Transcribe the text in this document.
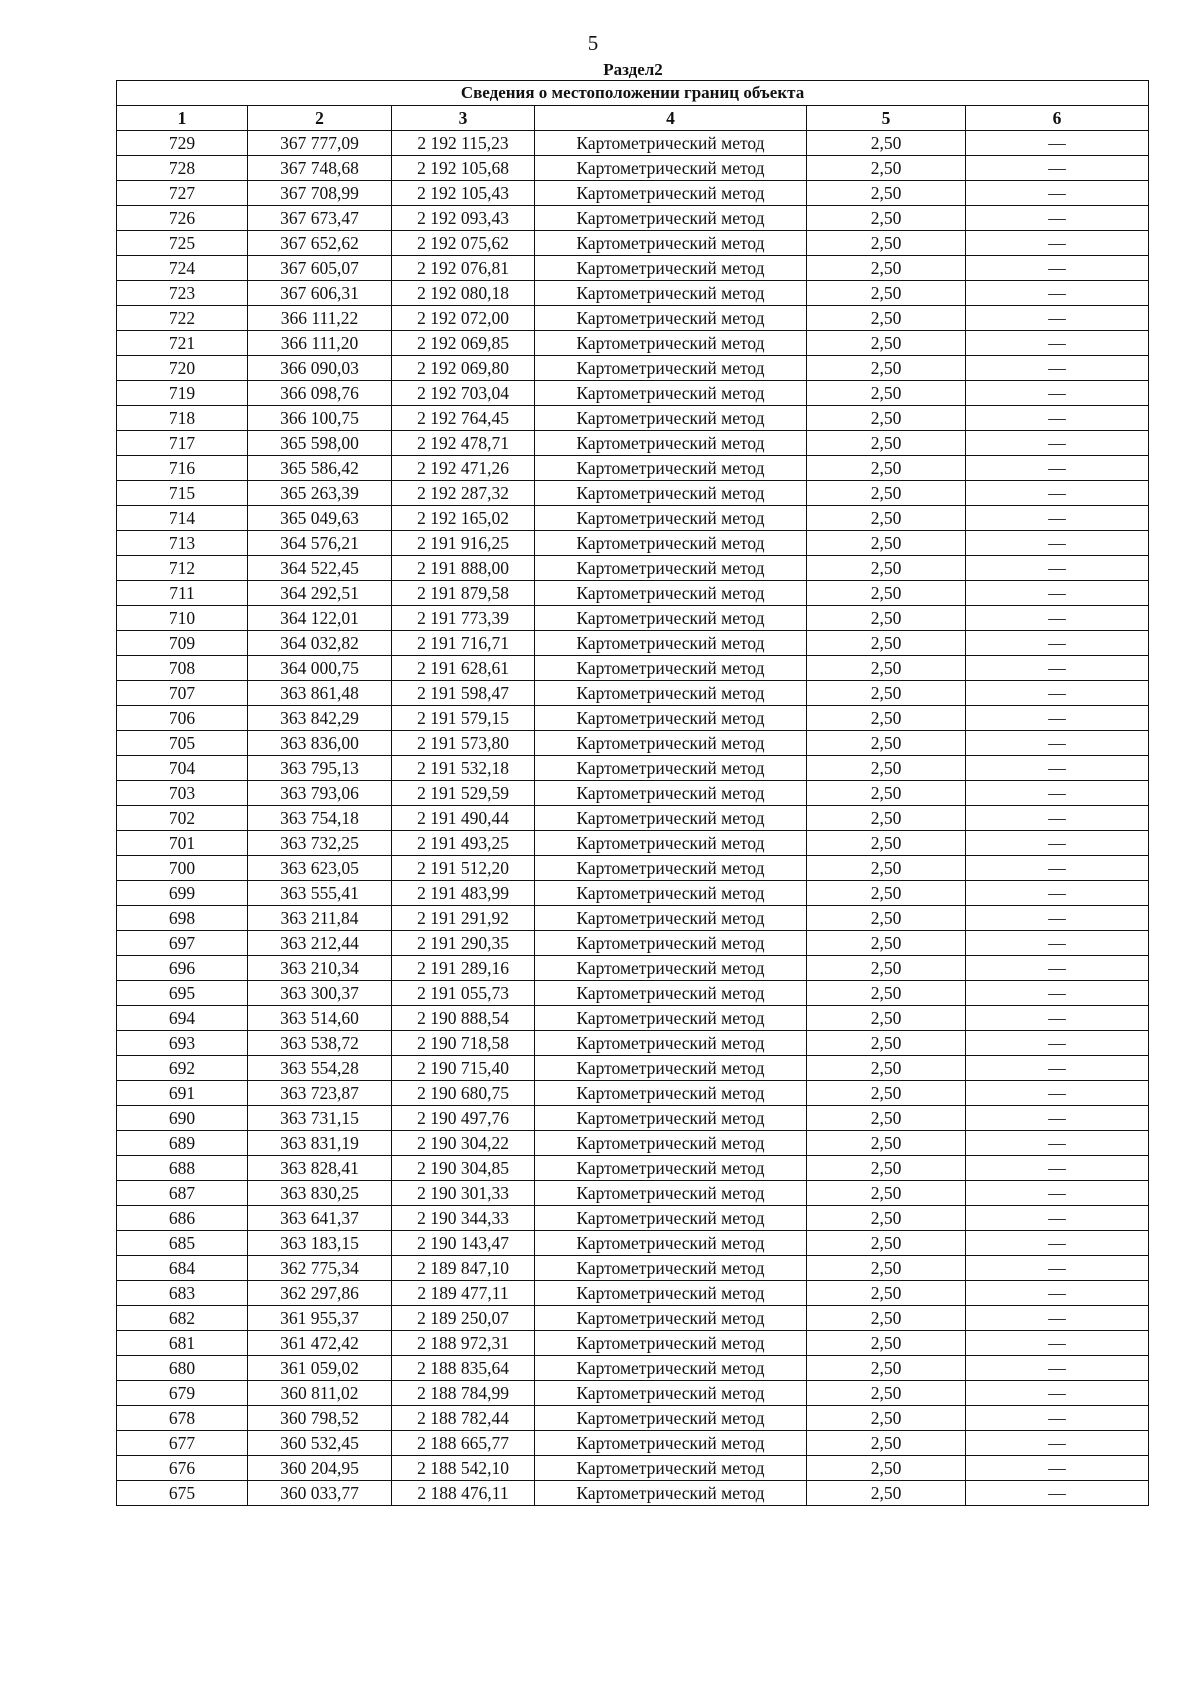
5
Раздел2
Сведения о местоположении границ объекта					
1	2	3	4	5	6
729	367 777,09	2 192 115,23	Картометрический метод	2,50	—
728	367 748,68	2 192 105,68	Картометрический метод	2,50	—
727	367 708,99	2 192 105,43	Картометрический метод	2,50	—
726	367 673,47	2 192 093,43	Картометрический метод	2,50	—
725	367 652,62	2 192 075,62	Картометрический метод	2,50	—
724	367 605,07	2 192 076,81	Картометрический метод	2,50	—
723	367 606,31	2 192 080,18	Картометрический метод	2,50	—
722	366 111,22	2 192 072,00	Картометрический метод	2,50	—
721	366 111,20	2 192 069,85	Картометрический метод	2,50	—
720	366 090,03	2 192 069,80	Картометрический метод	2,50	—
719	366 098,76	2 192 703,04	Картометрический метод	2,50	—
718	366 100,75	2 192 764,45	Картометрический метод	2,50	—
717	365 598,00	2 192 478,71	Картометрический метод	2,50	—
716	365 586,42	2 192 471,26	Картометрический метод	2,50	—
715	365 263,39	2 192 287,32	Картометрический метод	2,50	—
714	365 049,63	2 192 165,02	Картометрический метод	2,50	—
713	364 576,21	2 191 916,25	Картометрический метод	2,50	—
712	364 522,45	2 191 888,00	Картометрический метод	2,50	—
711	364 292,51	2 191 879,58	Картометрический метод	2,50	—
710	364 122,01	2 191 773,39	Картометрический метод	2,50	—
709	364 032,82	2 191 716,71	Картометрический метод	2,50	—
708	364 000,75	2 191 628,61	Картометрический метод	2,50	—
707	363 861,48	2 191 598,47	Картометрический метод	2,50	—
706	363 842,29	2 191 579,15	Картометрический метод	2,50	—
705	363 836,00	2 191 573,80	Картометрический метод	2,50	—
704	363 795,13	2 191 532,18	Картометрический метод	2,50	—
703	363 793,06	2 191 529,59	Картометрический метод	2,50	—
702	363 754,18	2 191 490,44	Картометрический метод	2,50	—
701	363 732,25	2 191 493,25	Картометрический метод	2,50	—
700	363 623,05	2 191 512,20	Картометрический метод	2,50	—
699	363 555,41	2 191 483,99	Картометрический метод	2,50	—
698	363 211,84	2 191 291,92	Картометрический метод	2,50	—
697	363 212,44	2 191 290,35	Картометрический метод	2,50	—
696	363 210,34	2 191 289,16	Картометрический метод	2,50	—
695	363 300,37	2 191 055,73	Картометрический метод	2,50	—
694	363 514,60	2 190 888,54	Картометрический метод	2,50	—
693	363 538,72	2 190 718,58	Картометрический метод	2,50	—
692	363 554,28	2 190 715,40	Картометрический метод	2,50	—
691	363 723,87	2 190 680,75	Картометрический метод	2,50	—
690	363 731,15	2 190 497,76	Картометрический метод	2,50	—
689	363 831,19	2 190 304,22	Картометрический метод	2,50	—
688	363 828,41	2 190 304,85	Картометрический метод	2,50	—
687	363 830,25	2 190 301,33	Картометрический метод	2,50	—
686	363 641,37	2 190 344,33	Картометрический метод	2,50	—
685	363 183,15	2 190 143,47	Картометрический метод	2,50	—
684	362 775,34	2 189 847,10	Картометрический метод	2,50	—
683	362 297,86	2 189 477,11	Картометрический метод	2,50	—
682	361 955,37	2 189 250,07	Картометрический метод	2,50	—
681	361 472,42	2 188 972,31	Картометрический метод	2,50	—
680	361 059,02	2 188 835,64	Картометрический метод	2,50	—
679	360 811,02	2 188 784,99	Картометрический метод	2,50	—
678	360 798,52	2 188 782,44	Картометрический метод	2,50	—
677	360 532,45	2 188 665,77	Картометрический метод	2,50	—
676	360 204,95	2 188 542,10	Картометрический метод	2,50	—
675	360 033,77	2 188 476,11	Картометрический метод	2,50	—
